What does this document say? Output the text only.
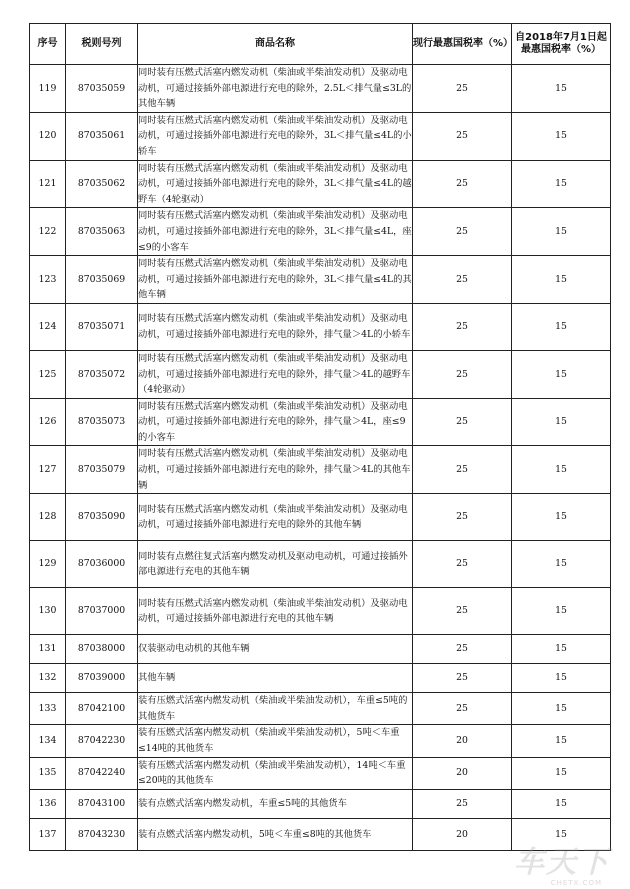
序号	税则号列	商品名称	现行最惠国税率（%）	自2018年7月1日起最惠国税率（%）
119	87035059	同时装有压燃式活塞内燃发动机（柴油或半柴油发动机）及驱动电动机，可通过接插外部电源进行充电的除外，2.5L＜排气量≤3L的其他车辆	25	15
120	87035061	同时装有压燃式活塞内燃发动机（柴油或半柴油发动机）及驱动电动机，可通过接插外部电源进行充电的除外，3L＜排气量≤4L的小轿车	25	15
121	87035062	同时装有压燃式活塞内燃发动机（柴油或半柴油发动机）及驱动电动机，可通过接插外部电源进行充电的除外，3L＜排气量≤4L的越野车（4轮驱动）	25	15
122	87035063	同时装有压燃式活塞内燃发动机（柴油或半柴油发动机）及驱动电动机，可通过接插外部电源进行充电的除外，3L＜排气量≤4L，座≤9的小客车	25	15
123	87035069	同时装有压燃式活塞内燃发动机（柴油或半柴油发动机）及驱动电动机，可通过接插外部电源进行充电的除外，3L＜排气量≤4L的其他车辆	25	15
124	87035071	同时装有压燃式活塞内燃发动机（柴油或半柴油发动机）及驱动电动机，可通过接插外部电源进行充电的除外，排气量＞4L的小轿车	25	15
125	87035072	同时装有压燃式活塞内燃发动机（柴油或半柴油发动机）及驱动电动机，可通过接插外部电源进行充电的除外，排气量＞4L的越野车（4轮驱动）	25	15
126	87035073	同时装有压燃式活塞内燃发动机（柴油或半柴油发动机）及驱动电动机，可通过接插外部电源进行充电的除外，排气量＞4L，座≤9的小客车	25	15
127	87035079	同时装有压燃式活塞内燃发动机（柴油或半柴油发动机）及驱动电动机，可通过接插外部电源进行充电的除外，排气量＞4L的其他车辆	25	15
128	87035090	同时装有压燃式活塞内燃发动机（柴油或半柴油发动机）及驱动电动机，可通过接插外部电源进行充电的除外的其他车辆	25	15
129	87036000	同时装有点燃往复式活塞内燃发动机及驱动电动机，可通过接插外部电源进行充电的其他车辆	25	15
130	87037000	同时装有压燃式活塞内燃发动机（柴油或半柴油发动机）及驱动电动机，可通过接插外部电源进行充电的其他车辆	25	15
131	87038000	仅装驱动电动机的其他车辆	25	15
132	87039000	其他车辆	25	15
133	87042100	装有压燃式活塞内燃发动机（柴油或半柴油发动机），车重≤5吨的其他货车	25	15
134	87042230	装有压燃式活塞内燃发动机（柴油或半柴油发动机），5吨＜车重≤14吨的其他货车	20	15
135	87042240	装有压燃式活塞内燃发动机（柴油或半柴油发动机），14吨＜车重≤20吨的其他货车	20	15
136	87043100	装有点燃式活塞内燃发动机，车重≤5吨的其他货车	25	15
137	87043230	装有点燃式活塞内燃发动机，5吨＜车重≤8吨的其他货车	20	15
车天下
CHETX.COM
